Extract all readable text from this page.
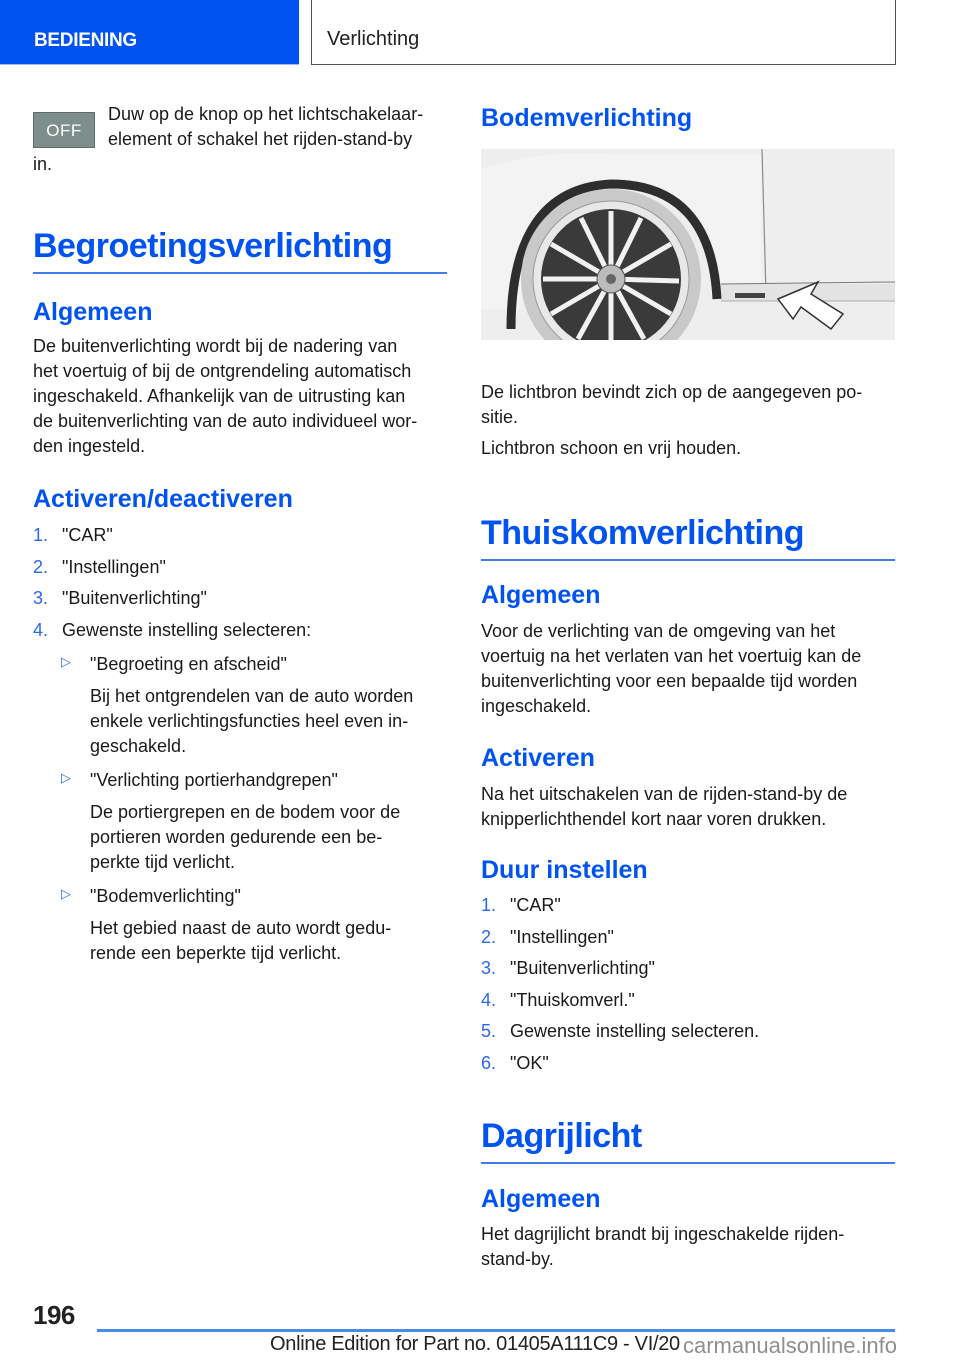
BEDIENING	Verlichting
OFF
Duw op de knop op het lichtschakelaar-
element of schakel het rijden-stand-by
in.
Begroetingsverlichting
Algemeen
De buitenverlichting wordt bij de nadering van
het voertuig of bij de ontgrendeling automatisch
ingeschakeld. Afhankelijk van de uitrusting kan
de buitenverlichting van de auto individueel wor-
den ingesteld.
Activeren/deactiveren
1. "CAR"
2. "Instellingen"
3. "Buitenverlichting"
4. Gewenste instelling selecteren:
▷ "Begroeting en afscheid"
Bij het ontgrendelen van de auto worden
enkele verlichtingsfuncties heel even in-
geschakeld.
▷ "Verlichting portierhandgrepen"
De portiergrepen en de bodem voor de
portieren worden gedurende een be-
perkte tijd verlicht.
▷ "Bodemverlichting"
Het gebied naast de auto wordt gedu-
rende een beperkte tijd verlicht.
Bodemverlichting
De lichtbron bevindt zich op de aangegeven po-
sitie.
Lichtbron schoon en vrij houden.
Thuiskomverlichting
Algemeen
Voor de verlichting van de omgeving van het
voertuig na het verlaten van het voertuig kan de
buitenverlichting voor een bepaalde tijd worden
ingeschakeld.
Activeren
Na het uitschakelen van de rijden-stand-by de
knipperlichthendel kort naar voren drukken.
Duur instellen
1. "CAR"
2. "Instellingen"
3. "Buitenverlichting"
4. "Thuiskomverl."
5. Gewenste instelling selecteren.
6. "OK"
Dagrijlicht
Algemeen
Het dagrijlicht brandt bij ingeschakelde rijden-
stand-by.
196
Online Edition for Part no. 01405A111C9 - VI/20 carmanualsonline.info
